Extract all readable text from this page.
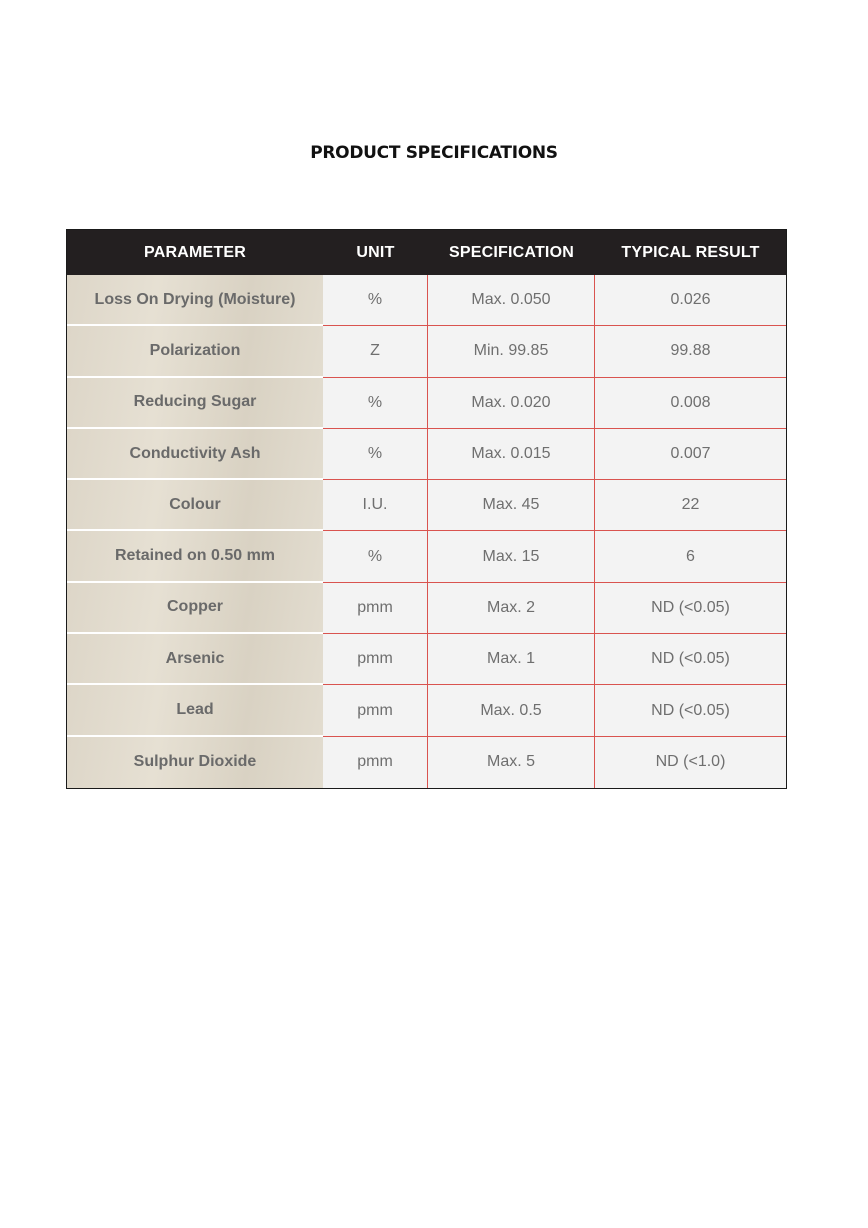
PRODUCT SPECIFICATIONS
PARAMETER	UNIT	SPECIFICATION	TYPICAL RESULT
Loss On Drying (Moisture)	%	Max. 0.050	0.026
Polarization	Z	Min. 99.85	99.88
Reducing Sugar	%	Max. 0.020	0.008
Conductivity Ash	%	Max. 0.015	0.007
Colour	I.U.	Max. 45	22
Retained on 0.50 mm	%	Max. 15	6
Copper	pmm	Max. 2	ND (<0.05)
Arsenic	pmm	Max. 1	ND (<0.05)
Lead	pmm	Max. 0.5	ND (<0.05)
Sulphur Dioxide	pmm	Max. 5	ND (<1.0)
